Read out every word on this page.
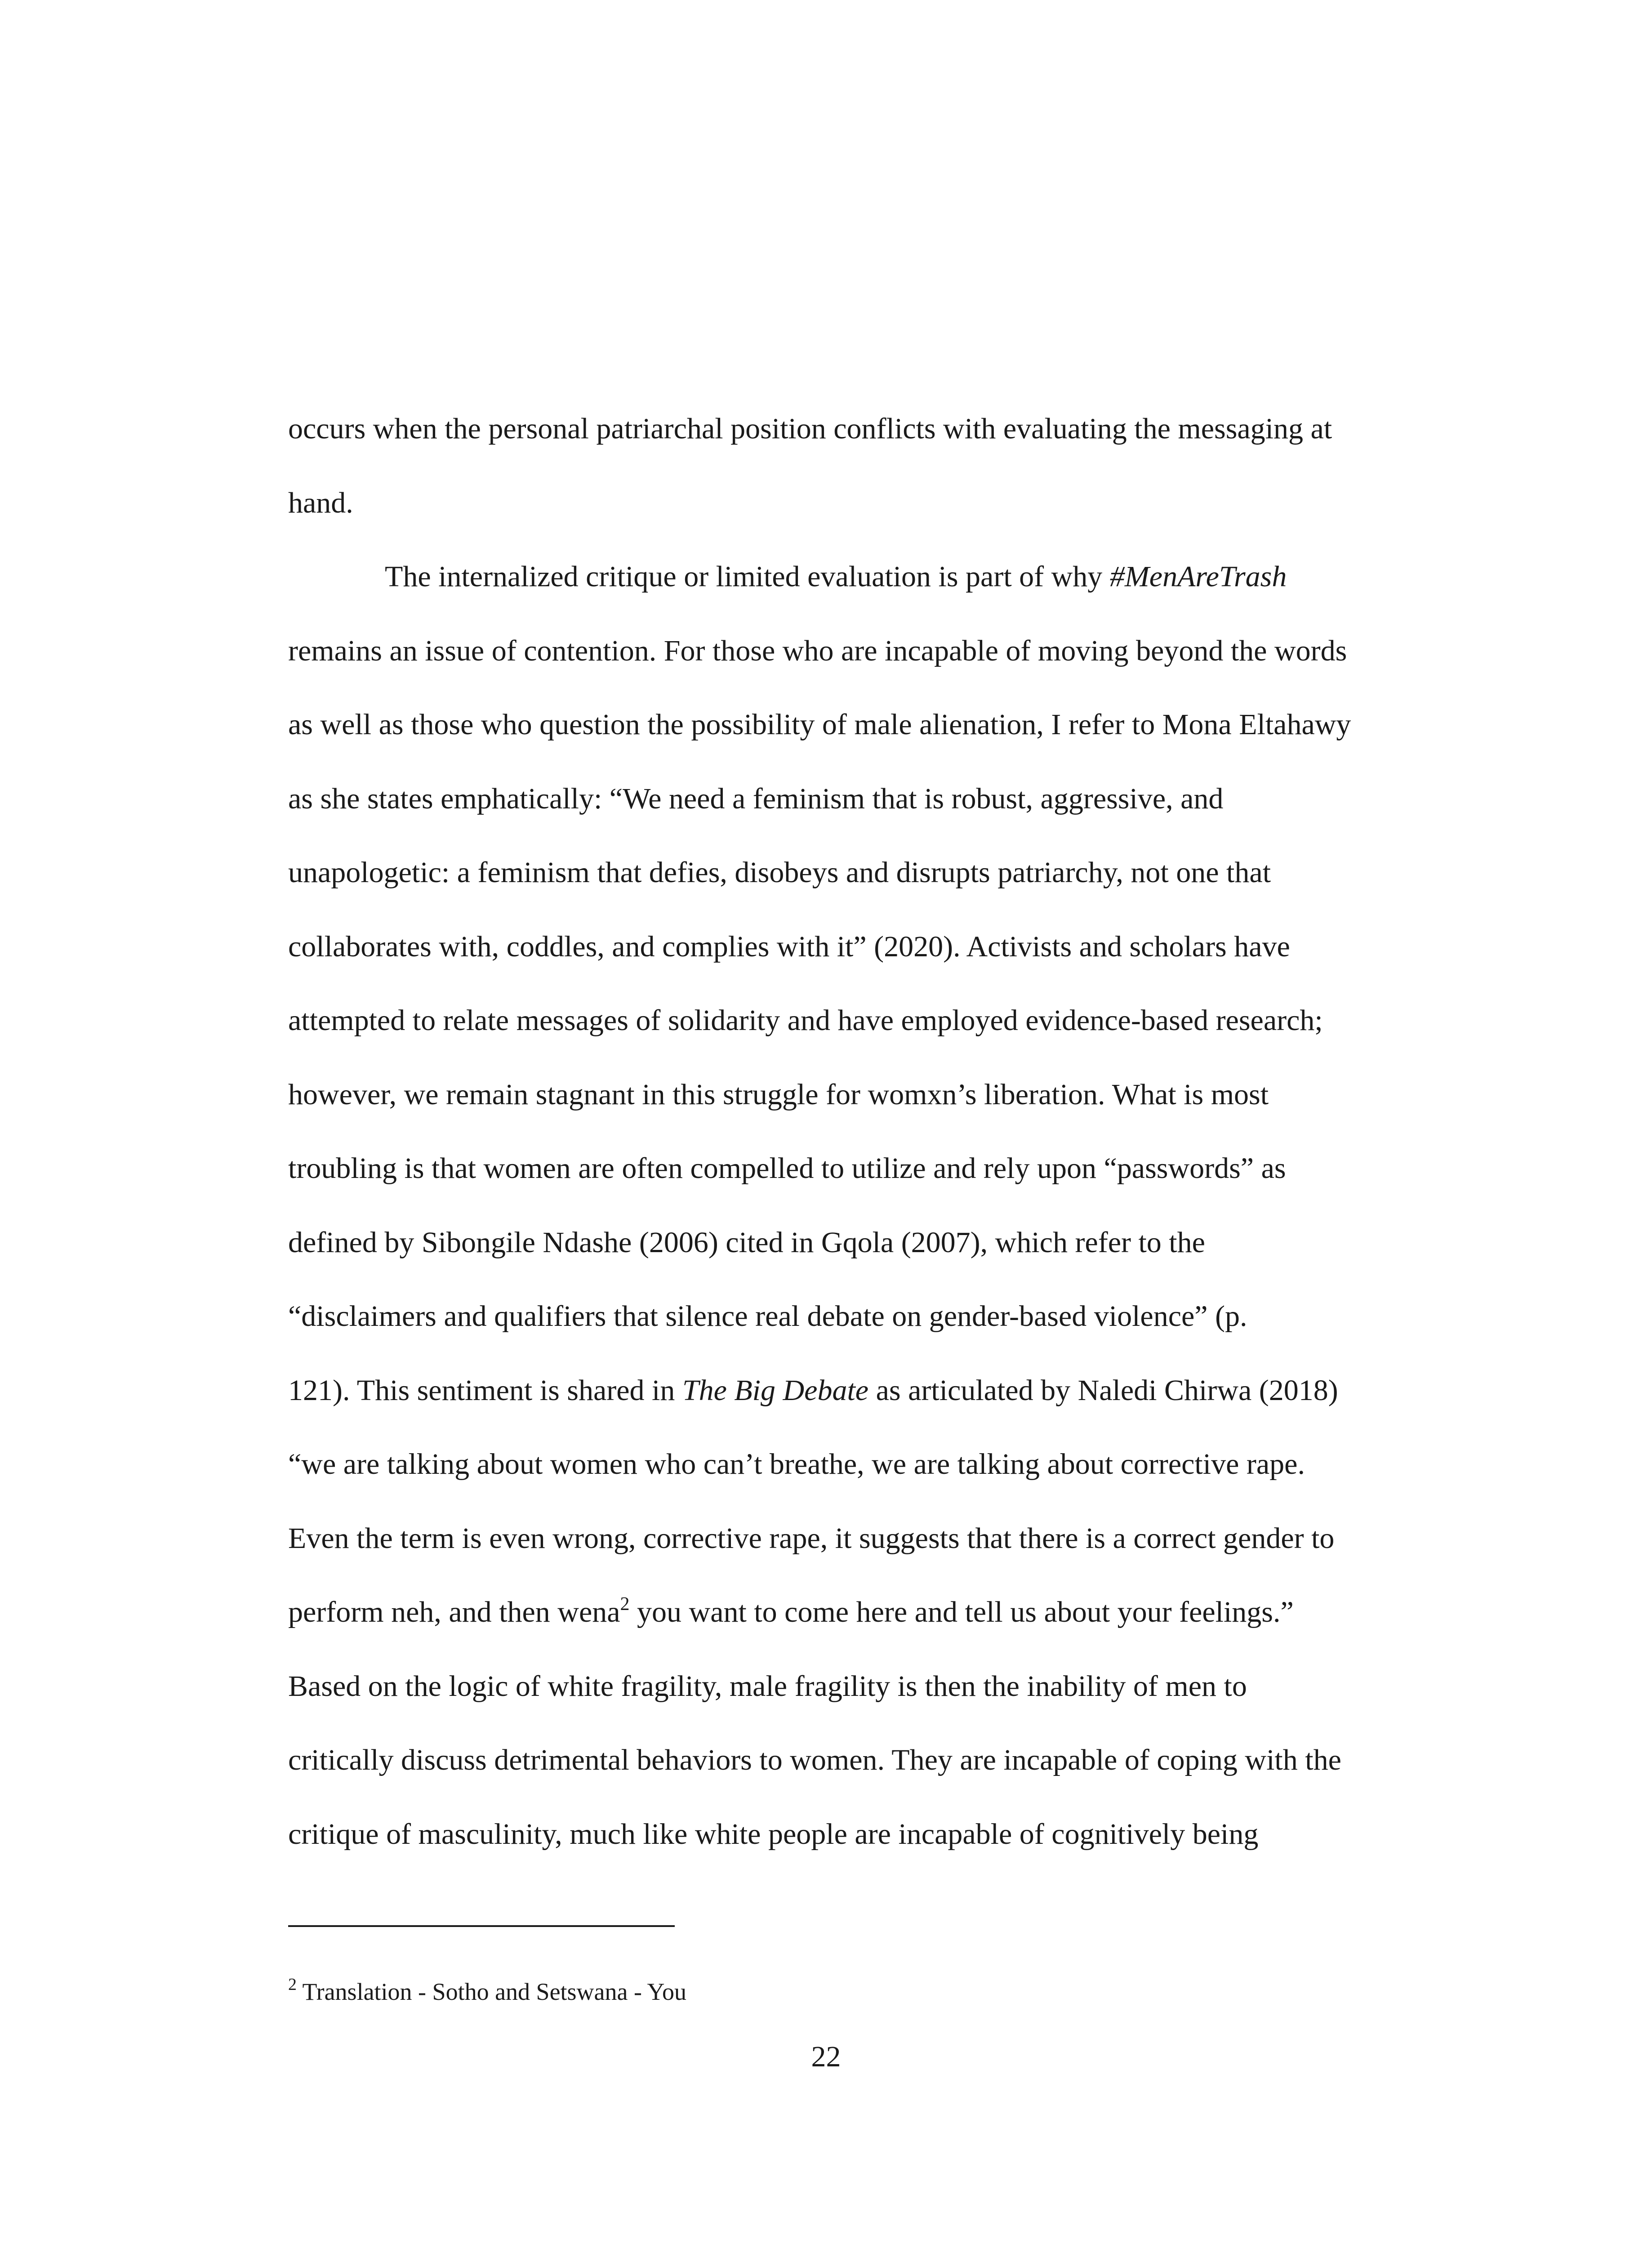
occurs when the personal patriarchal position conflicts with evaluating the messaging at
hand.
The internalized critique or limited evaluation is part of why #MenAreTrash
remains an issue of contention. For those who are incapable of moving beyond the words
as well as those who question the possibility of male alienation, I refer to Mona Eltahawy
as she states emphatically: “We need a feminism that is robust, aggressive, and
unapologetic: a feminism that defies, disobeys and disrupts patriarchy, not one that
collaborates with, coddles, and complies with it” (2020). Activists and scholars have
attempted to relate messages of solidarity and have employed evidence-based research;
however, we remain stagnant in this struggle for womxn’s liberation. What is most
troubling is that women are often compelled to utilize and rely upon “passwords” as
defined by Sibongile Ndashe (2006) cited in Gqola (2007), which refer to the
“disclaimers and qualifiers that silence real debate on gender-based violence” (p.
121). This sentiment is shared in The Big Debate as articulated by Naledi Chirwa (2018)
“we are talking about women who can’t breathe, we are talking about corrective rape.
Even the term is even wrong, corrective rape, it suggests that there is a correct gender to
perform neh, and then wena$^2$ you want to come here and tell us about your feelings.”
Based on the logic of white fragility, male fragility is then the inability of men to
critically discuss detrimental behaviors to women. They are incapable of coping with the
critique of masculinity, much like white people are incapable of cognitively being
$^2$ Translation - Sotho and Setswana - You
22
